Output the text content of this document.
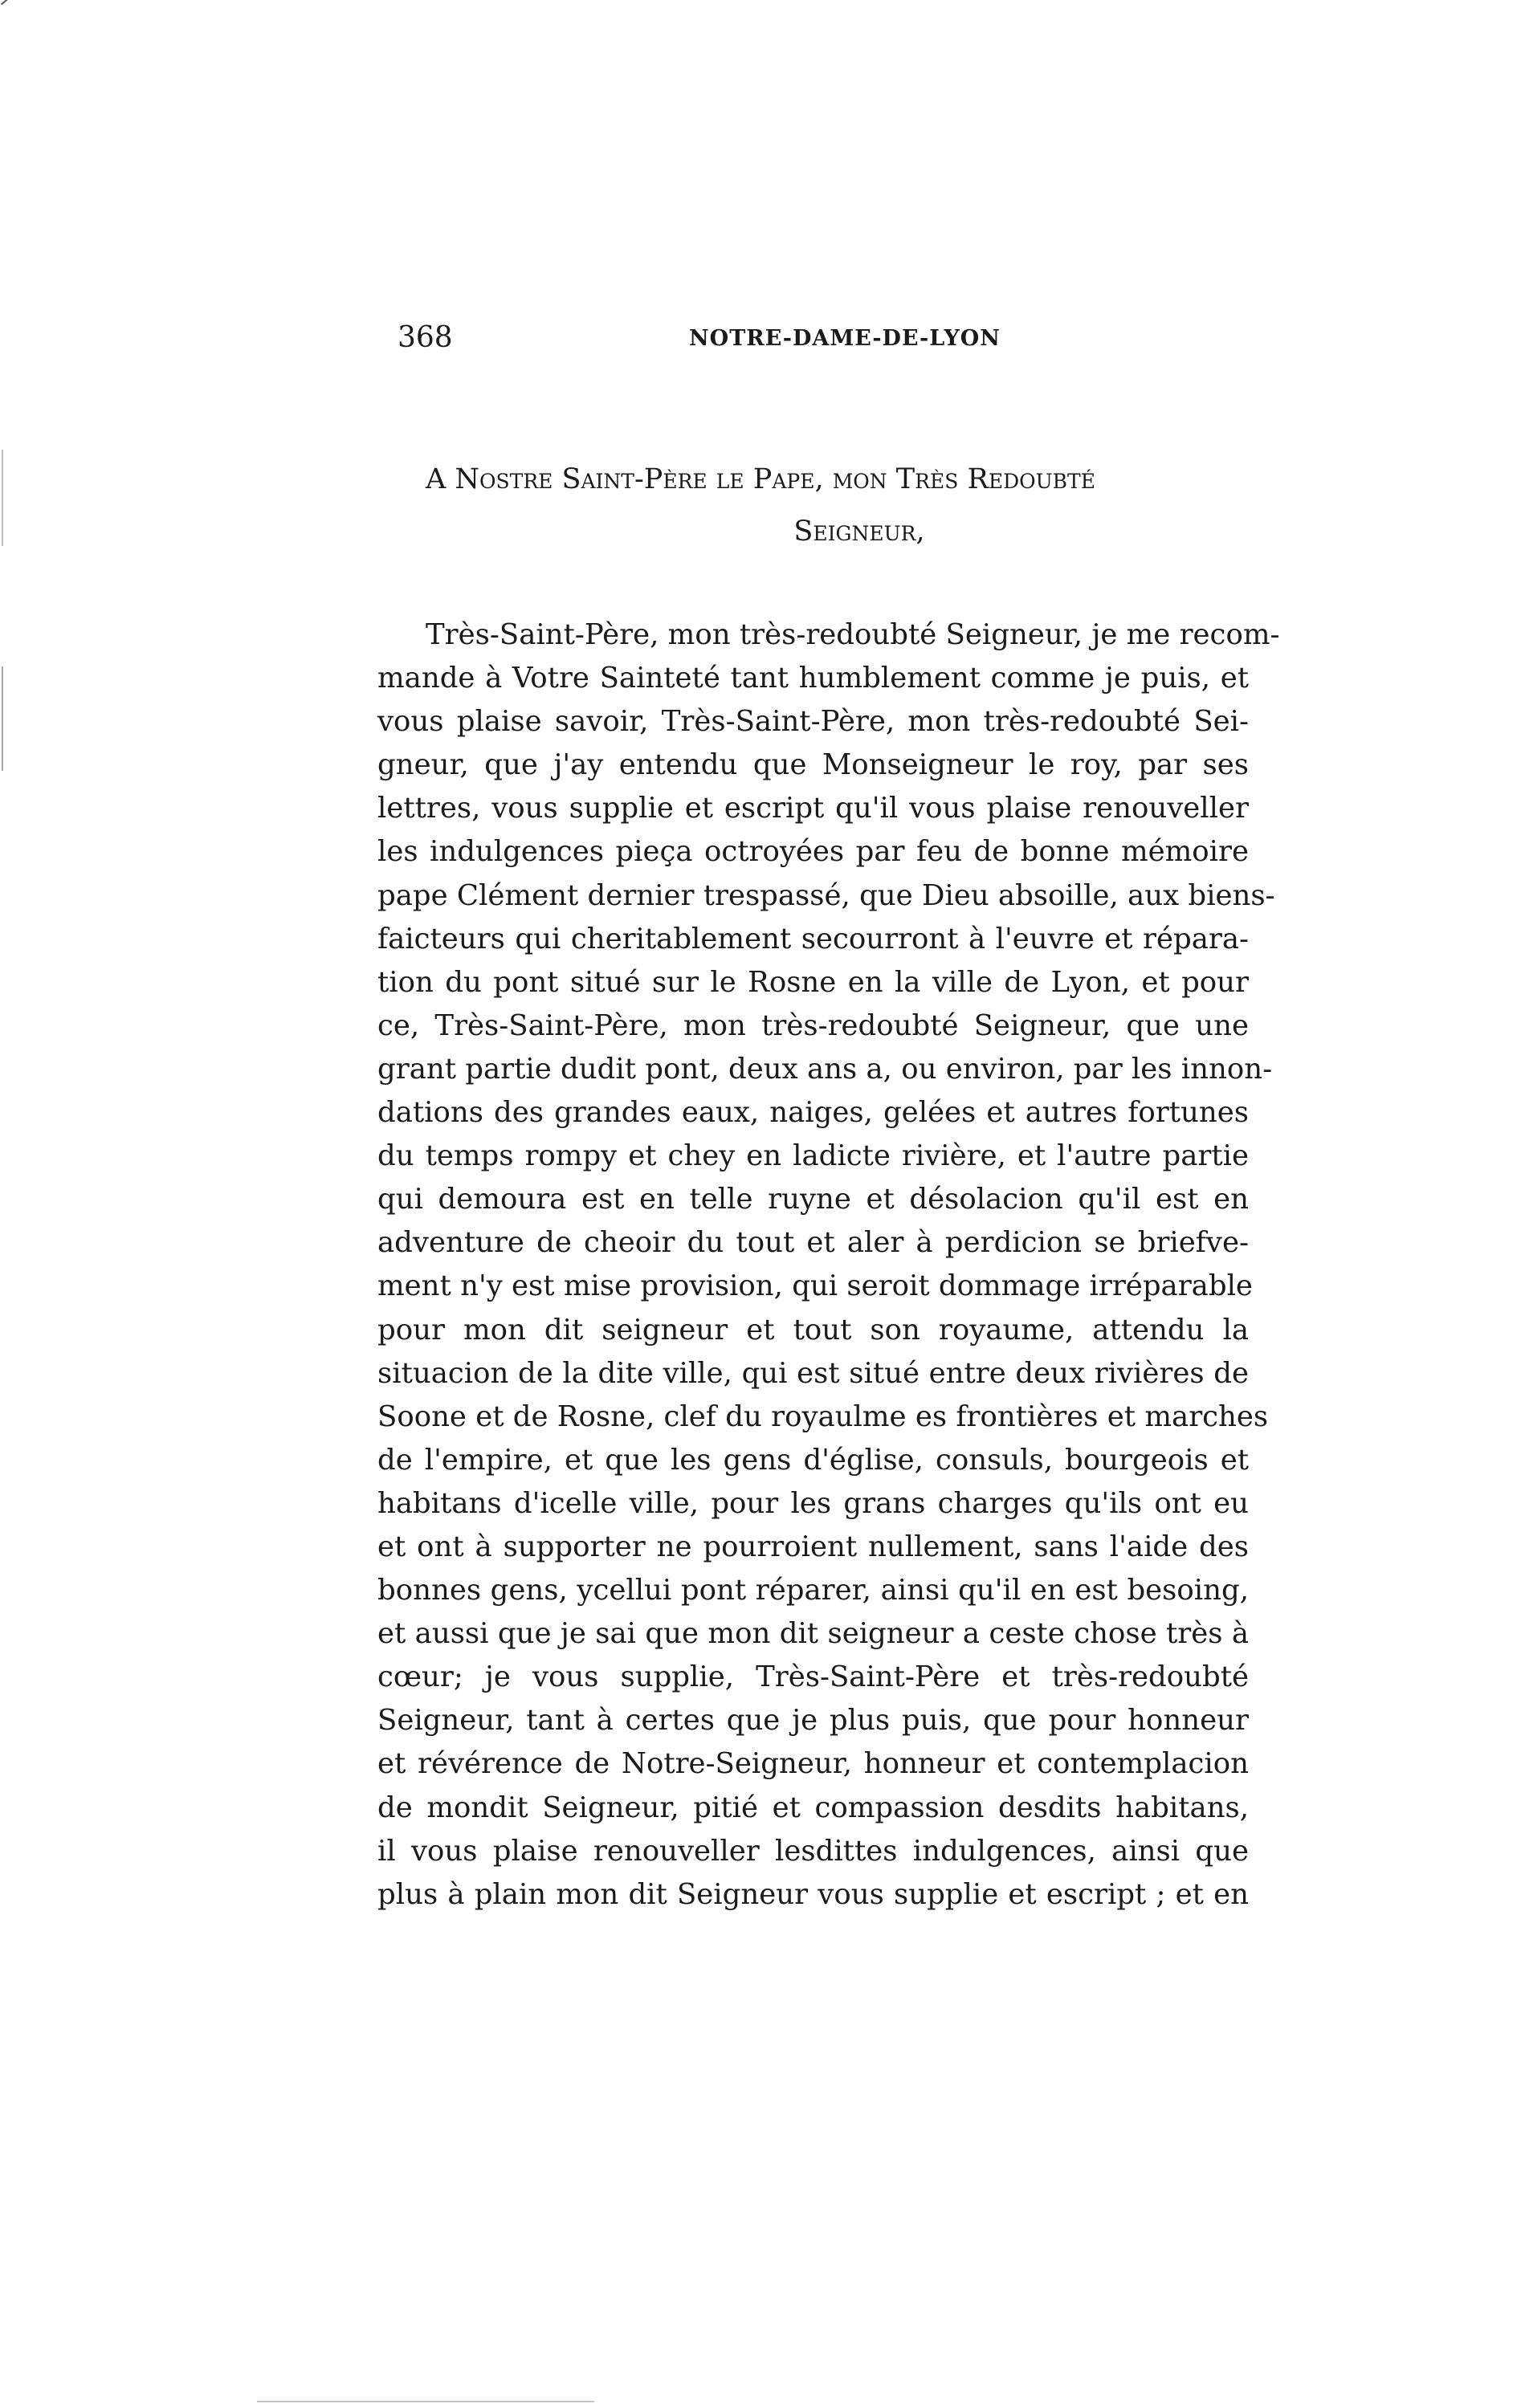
368	NOTRE-DAME-DE-LYON
A Nostre Saint-Père le Pape, mon Très Redoubté
Seigneur,
Très-Saint-Père, mon très-redoubté Seigneur, je me recom-
mande à Votre Sainteté tant humblement comme je puis, et
vous plaise savoir, Très-Saint-Père, mon très-redoubté Sei-
gneur, que j'ay entendu que Monseigneur le roy, par ses
lettres, vous supplie et escript qu'il vous plaise renouveller
les indulgences pieça octroyées par feu de bonne mémoire
pape Clément dernier trespassé, que Dieu absoille, aux biens-
faicteurs qui cheritablement secourront à l'euvre et répara-
tion du pont situé sur le Rosne en la ville de Lyon, et pour
ce, Très-Saint-Père, mon très-redoubté Seigneur, que une
grant partie dudit pont, deux ans a, ou environ, par les innon-
dations des grandes eaux, naiges, gelées et autres fortunes
du temps rompy et chey en ladicte rivière, et l'autre partie
qui demoura est en telle ruyne et désolacion qu'il est en
adventure de cheoir du tout et aler à perdicion se briefve-
ment n'y est mise provision, qui seroit dommage irréparable
pour mon dit seigneur et tout son royaume, attendu la
situacion de la dite ville, qui est situé entre deux rivières de
Soone et de Rosne, clef du royaulme es frontières et marches
de l'empire, et que les gens d'église, consuls, bourgeois et
habitans d'icelle ville, pour les grans charges qu'ils ont eu
et ont à supporter ne pourroient nullement, sans l'aide des
bonnes gens, ycellui pont réparer, ainsi qu'il en est besoing,
et aussi que je sai que mon dit seigneur a ceste chose très à
cœur; je vous supplie, Très-Saint-Père et très-redoubté
Seigneur, tant à certes que je plus puis, que pour honneur
et révérence de Notre-Seigneur, honneur et contemplacion
de mondit Seigneur, pitié et compassion desdits habitans,
il vous plaise renouveller lesdittes indulgences, ainsi que
plus à plain mon dit Seigneur vous supplie et escript ; et en
